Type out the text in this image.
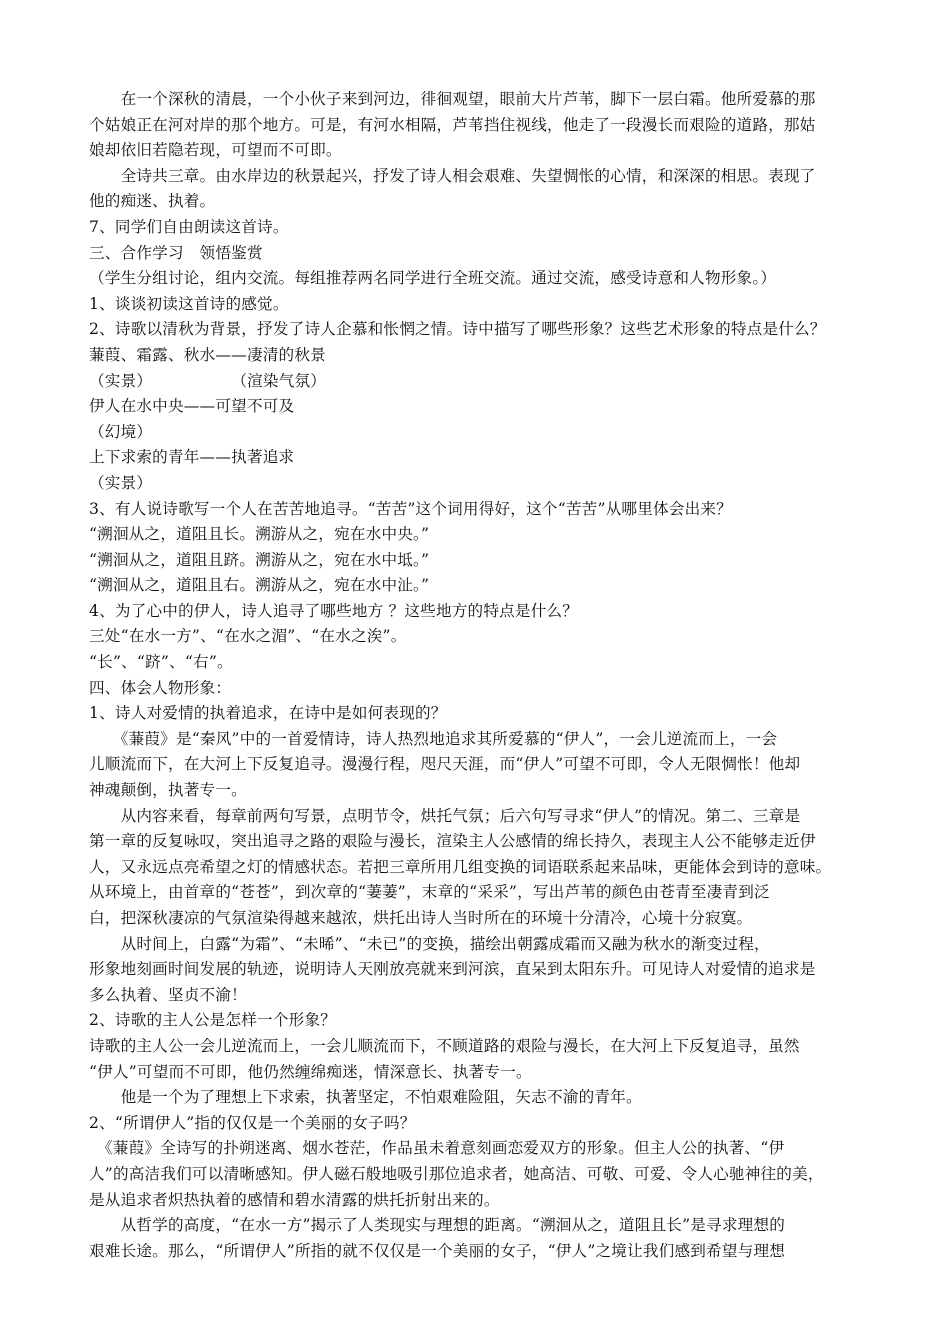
　　在一个深秋的清晨，一个小伙子来到河边，徘徊观望，眼前大片芦苇，脚下一层白霜。他所爱慕的那
个姑娘正在河对岸的那个地方。可是，有河水相隔，芦苇挡住视线，他走了一段漫长而艰险的道路，那姑
娘却依旧若隐若现，可望而不可即。
　　全诗共三章。由水岸边的秋景起兴，抒发了诗人相会艰难、失望惆怅的心情，和深深的相思。表现了
他的痴迷、执着。
7、同学们自由朗读这首诗。
三、合作学习　领悟鉴赏
（学生分组讨论，组内交流。每组推荐两名同学进行全班交流。通过交流，感受诗意和人物形象。）
1、谈谈初读这首诗的感觉。
2、诗歌以清秋为背景，抒发了诗人企慕和怅惘之情。诗中描写了哪些形象？这些艺术形象的特点是什么？
蒹葭、霜露、秋水——凄清的秋景
（实景）　　　　　　（渲染气氛）
伊人在水中央——可望不可及
（幻境）
上下求索的青年——执著追求
（实景）
3、有人说诗歌写一个人在苦苦地追寻。“苦苦”这个词用得好，这个“苦苦”从哪里体会出来？
“溯洄从之，道阻且长。溯游从之，宛在水中央。”
“溯洄从之，道阻且跻。溯游从之，宛在水中坻。”
“溯洄从之，道阻且右。溯游从之，宛在水中沚。”
4、为了心中的伊人，诗人追寻了哪些地方 ？这些地方的特点是什么？
三处“在水一方”、“在水之湄”、“在水之涘”。
“长”、“跻”、“右”。
四、体会人物形象：
1、诗人对爱情的执着追求，在诗中是如何表现的？
　　《蒹葭》是“秦风”中的一首爱情诗，诗人热烈地追求其所爱慕的“伊人”，一会儿逆流而上，一会
儿顺流而下，在大河上下反复追寻。漫漫行程，咫尺天涯，而“伊人”可望不可即，令人无限惆怅！他却
神魂颠倒，执著专一。
　　从内容来看，每章前两句写景，点明节令，烘托气氛；后六句写寻求“伊人”的情况。第二、三章是
第一章的反复咏叹，突出追寻之路的艰险与漫长，渲染主人公感情的绵长持久，表现主人公不能够走近伊
人，又永远点亮希望之灯的情感状态。若把三章所用几组变换的词语联系起来品味，更能体会到诗的意味。
从环境上，由首章的“苍苍”，到次章的“萋萋”，末章的“采采”，写出芦苇的颜色由苍青至凄青到泛
白，把深秋凄凉的气氛渲染得越来越浓，烘托出诗人当时所在的环境十分清冷，心境十分寂寞。
　　从时间上，白露“为霜”、“未晞”、“未已”的变换，描绘出朝露成霜而又融为秋水的渐变过程，
形象地刻画时间发展的轨迹，说明诗人天刚放亮就来到河滨，直呆到太阳东升。可见诗人对爱情的追求是
多么执着、坚贞不渝！
2、诗歌的主人公是怎样一个形象？
诗歌的主人公一会儿逆流而上，一会儿顺流而下，不顾道路的艰险与漫长，在大河上下反复追寻，虽然
“伊人”可望而不可即，他仍然缠绵痴迷，情深意长、执著专一。
　　他是一个为了理想上下求索，执著坚定，不怕艰难险阻，矢志不渝的青年。
2、“所谓伊人”指的仅仅是一个美丽的女子吗？
　《蒹葭》全诗写的扑朔迷离、烟水苍茫，作品虽未着意刻画恋爱双方的形象。但主人公的执著、“伊
人”的高洁我们可以清晰感知。伊人磁石般地吸引那位追求者，她高洁、可敬、可爱、令人心驰神往的美，
是从追求者炽热执着的感情和碧水清露的烘托折射出来的。
　　从哲学的高度，“在水一方”揭示了人类现实与理想的距离。“溯洄从之，道阻且长”是寻求理想的
艰难长途。那么，“所谓伊人”所指的就不仅仅是一个美丽的女子，“伊人”之境让我们感到希望与理想
